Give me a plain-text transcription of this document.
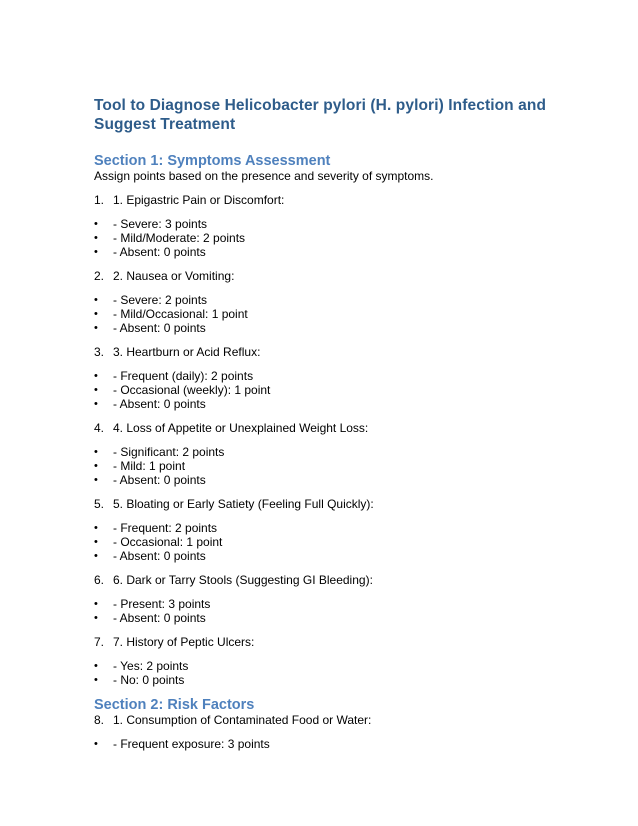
Tool to Diagnose Helicobacter pylori (H. pylori) Infection and Suggest Treatment
Section 1: Symptoms Assessment

Assign points based on the presence and severity of symptoms.

1. 1. Epigastric Pain or Discomfort:
•	- Severe: 3 points
•	- Mild/Moderate: 2 points
•	- Absent: 0 points
2. 2. Nausea or Vomiting:
•	- Severe: 2 points
•	- Mild/Occasional: 1 point
•	- Absent: 0 points
3. 3. Heartburn or Acid Reflux:
•	- Frequent (daily): 2 points
•	- Occasional (weekly): 1 point
•	- Absent: 0 points
4. 4. Loss of Appetite or Unexplained Weight Loss:
•	- Significant: 2 points
•	- Mild: 1 point
•	- Absent: 0 points
5. 5. Bloating or Early Satiety (Feeling Full Quickly):
•	- Frequent: 2 points
•	- Occasional: 1 point
•	- Absent: 0 points
6. 6. Dark or Tarry Stools (Suggesting GI Bleeding):
•	- Present: 3 points
•	- Absent: 0 points
7. 7. History of Peptic Ulcers:
•	- Yes: 2 points
•	- No: 0 points
Section 2: Risk Factors
8. 1. Consumption of Contaminated Food or Water:
•	- Frequent exposure: 3 points
